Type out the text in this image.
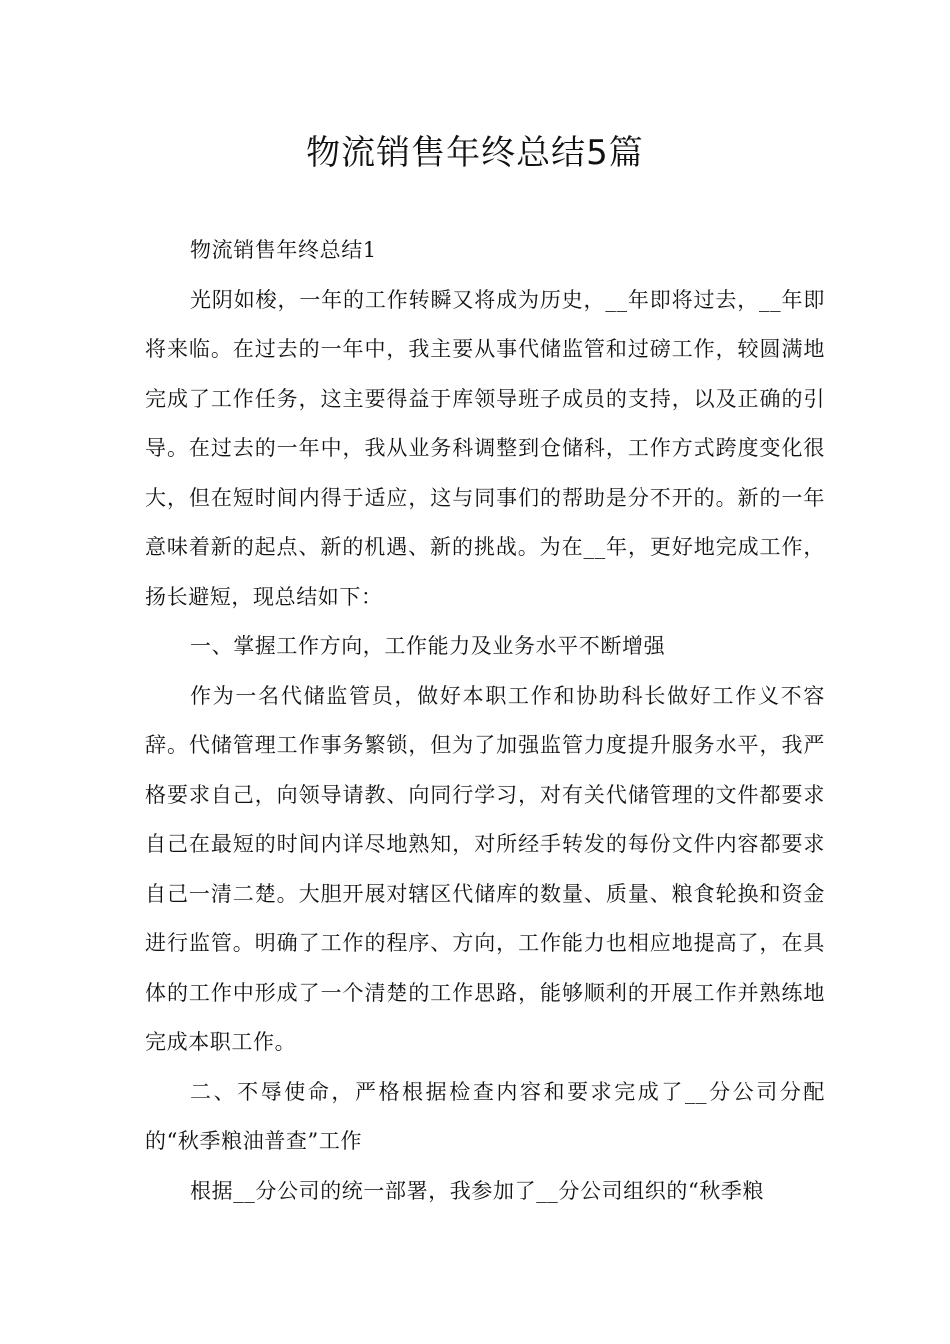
物流销售年终总结5篇

物流销售年终总结1

光阴如梭，一年的工作转瞬又将成为历史，__年即将过去，__年即将来临。在过去的一年中，我主要从事代储监管和过磅工作，较圆满地完成了工作任务，这主要得益于库领导班子成员的支持，以及正确的引导。在过去的一年中，我从业务科调整到仓储科，工作方式跨度变化很大，但在短时间内得于适应，这与同事们的帮助是分不开的。新的一年意味着新的起点、新的机遇、新的挑战。为在__年，更好地完成工作，扬长避短，现总结如下：

一、掌握工作方向，工作能力及业务水平不断增强

作为一名代储监管员，做好本职工作和协助科长做好工作义不容辞。代储管理工作事务繁锁，但为了加强监管力度提升服务水平，我严格要求自己，向领导请教、向同行学习，对有关代储管理的文件都要求自己在最短的时间内详尽地熟知，对所经手转发的每份文件内容都要求自己一清二楚。大胆开展对辖区代储库的数量、质量、粮食轮换和资金进行监管。明确了工作的程序、方向，工作能力也相应地提高了，在具体的工作中形成了一个清楚的工作思路，能够顺利的开展工作并熟练地完成本职工作。

二、不辱使命，严格根据检查内容和要求完成了__分公司分配的“秋季粮油普查”工作

根据__分公司的统一部署，我参加了__分公司组织的“秋季粮
